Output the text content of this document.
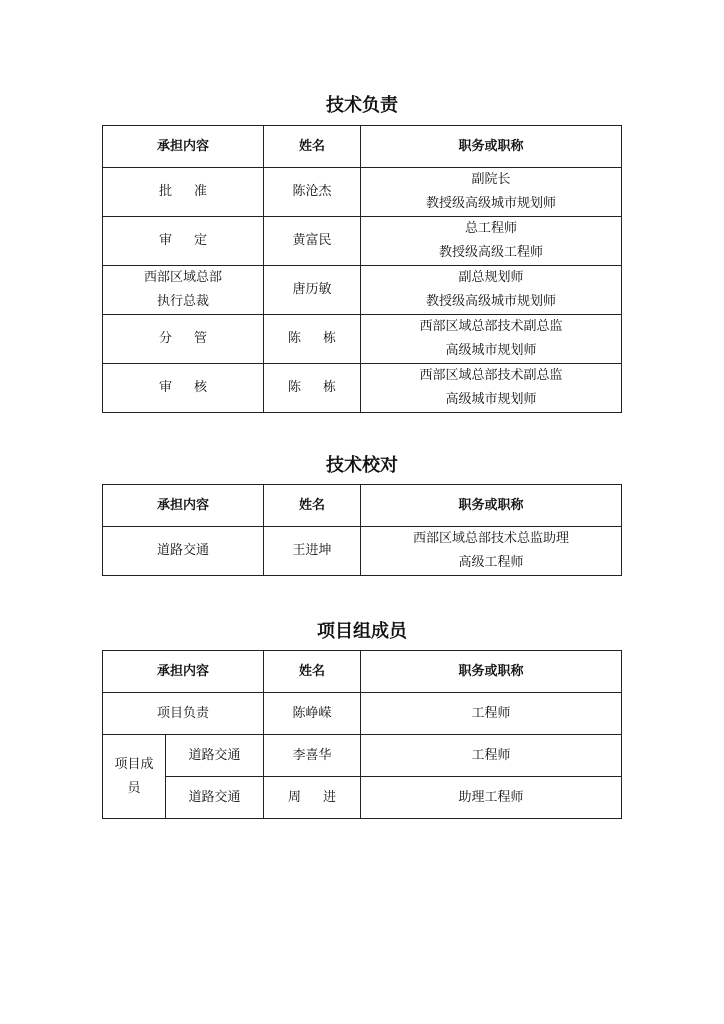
技术负责
承担内容	姓名	职务或职称
批 准	陈沧杰	副院长
教授级高级城市规划师

审 定	黄富民	总工程师
教授级高级工程师

西部区域总部
执行总裁	唐历敏	副总规划师
教授级高级城市规划师

分 管	陈 栋	西部区域总部技术副总监
高级城市规划师

审 核	陈 栋	西部区域总部技术副总监
高级城市规划师
技术校对
承担内容	姓名	职务或职称
道路交通	王进坤	西部区域总部技术总监助理
高级工程师
项目组成员
承担内容		姓名	职务或职称
项目负责		陈峥嵘	工程师

项目成
员	道路交通	李喜华	工程师
	道路交通	周 进	助理工程师
